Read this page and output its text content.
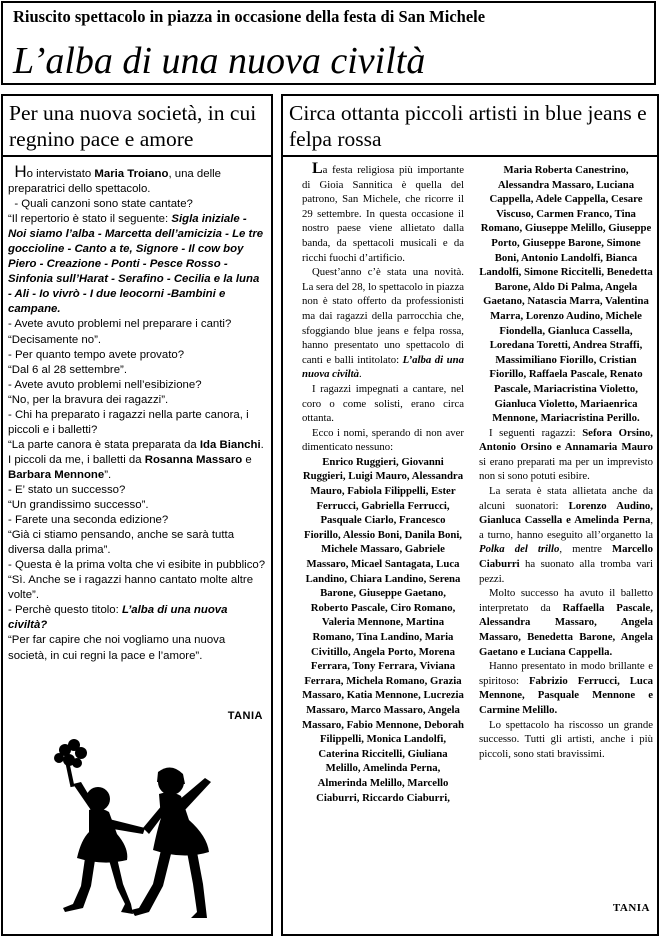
Riuscito spettacolo in piazza in occasione della festa di San Michele
L’alba di una nuova civiltà
Per una nuova società, in cui regnino pace e amore

Ho intervistato Maria Troiano, una delle preparatrici dello spettacolo.

- Quali canzoni sono state cantate?

“Il repertorio è stato il seguente: Sigla iniziale - Noi siamo l’alba - Marcetta dell’amicizia - Le tre goccioline - Canto a te, Signore - Il cow boy Piero - Creazione - Ponti - Pesce Rosso - Sinfonia sull’Harat - Serafino - Cecilia e la luna - Ali - Io vivrò - I due leocorni -Bambini e campane.

- Avete avuto problemi nel preparare i canti?

“Decisamente no”.

- Per quanto tempo avete provato?

“Dal 6 al 28 settembre”.

- Avete avuto problemi nell’esibizione?

“No, per la bravura dei ragazzi”.

- Chi ha preparato i ragazzi nella parte canora, i piccoli e i balletti?

“La parte canora è stata preparata da Ida Bianchi. I piccoli da me, i balletti da Rosanna Massaro e Barbara Mennone”.

- E’ stato un successo?

“Un grandissimo successo”.

- Farete una seconda edizione?

“Già ci stiamo pensando, anche se sarà tutta diversa dalla prima”.

- Questa è la prima volta che vi esibite in pubblico?

“Sì. Anche se i ragazzi hanno cantato molte altre volte”.

- Perchè questo titolo: L’alba di una nuova civiltà?

“Per far capire che noi vogliamo una nuova società, in cui regni la pace e l’amore”.

TANIA
Circa ottanta piccoli artisti in blue jeans e felpa rossa

La festa religiosa più importante di Gioia Sannitica è quella del patrono, San Michele, che ricorre il 29 settembre. In questa occasione il nostro paese viene allietato dalla banda, da spettacoli musicali e da ricchi fuochi d’artificio.

Quest’anno c’è stata una novità. La sera del 28, lo spettacolo in piazza non è stato offerto da professionisti ma dai ragazzi della parrocchia che, sfoggiando blue jeans e felpa rossa, hanno presentato uno spettacolo di canti e balli intitolato: L’alba di una nuova civiltà.

I ragazzi impegnati a cantare, nel coro o come solisti, erano circa ottanta.

Ecco i nomi, sperando di non aver dimenticato nessuno:

Enrico Ruggieri, Giovanni Ruggieri, Luigi Mauro, Alessandra Mauro, Fabiola Filippelli, Ester Ferrucci, Gabriella Ferrucci, Pasquale Ciarlo, Francesco Fiorillo, Alessio Boni, Danila Boni, Michele Massaro, Gabriele Massaro, Micael Santagata, Luca Landino, Chiara Landino, Serena Barone, Giuseppe Gaetano, Roberto Pascale, Ciro Romano, Valeria Mennone, Martina Romano, Tina Landino, Maria Civitillo, Angela Porto, Morena Ferrara, Tony Ferrara, Viviana Ferrara, Michela Romano, Grazia Massaro, Katia Mennone, Lucrezia Massaro, Marco Massaro, Angela Massaro, Fabio Mennone, Deborah Filippelli, Monica Landolfi, Caterina Riccitelli, Giuliana Melillo, Amelinda Perna, Almerinda Melillo, Marcello Ciaburri, Riccardo Ciaburri,

Maria Roberta Canestrino, Alessandra Massaro, Luciana Cappella, Adele Cappella, Cesare Viscuso, Carmen Franco, Tina Romano, Giuseppe Melillo, Giuseppe Porto, Giuseppe Barone, Simone Boni, Antonio Landolfi, Bianca Landolfi, Simone Riccitelli, Benedetta Barone, Aldo Di Palma, Angela Gaetano, Natascia Marra, Valentina Marra, Lorenzo Audino, Michele Fiondella, Gianluca Cassella, Loredana Toretti, Andrea Straffi, Massimiliano Fiorillo, Cristian Fiorillo, Raffaela Pascale, Renato Pascale, Mariacristina Violetto, Gianluca Violetto, Mariaenrica Mennone, Mariacristina Perillo.

I seguenti ragazzi: Sefora Orsino, Antonio Orsino e Annamaria Mauro si erano preparati ma per un imprevisto non si sono potuti esibire.

La serata è stata allietata anche da alcuni suonatori: Lorenzo Audino, Gianluca Cassella e Amelinda Perna, a turno, hanno eseguito all’organetto la Polka del trillo, mentre Marcello Ciaburri ha suonato alla tromba vari pezzi.

Molto successo ha avuto il balletto interpretato da Raffaella Pascale, Alessandra Massaro, Angela Massaro, Benedetta Barone, Angela Gaetano e Luciana Cappella.

Hanno presentato in modo brillante e spiritoso: Fabrizio Ferrucci, Luca Mennone, Pasquale Mennone e Carmine Melillo.

Lo spettacolo ha riscosso un grande successo. Tutti gli artisti, anche i più piccoli, sono stati bravissimi.

TANIA
